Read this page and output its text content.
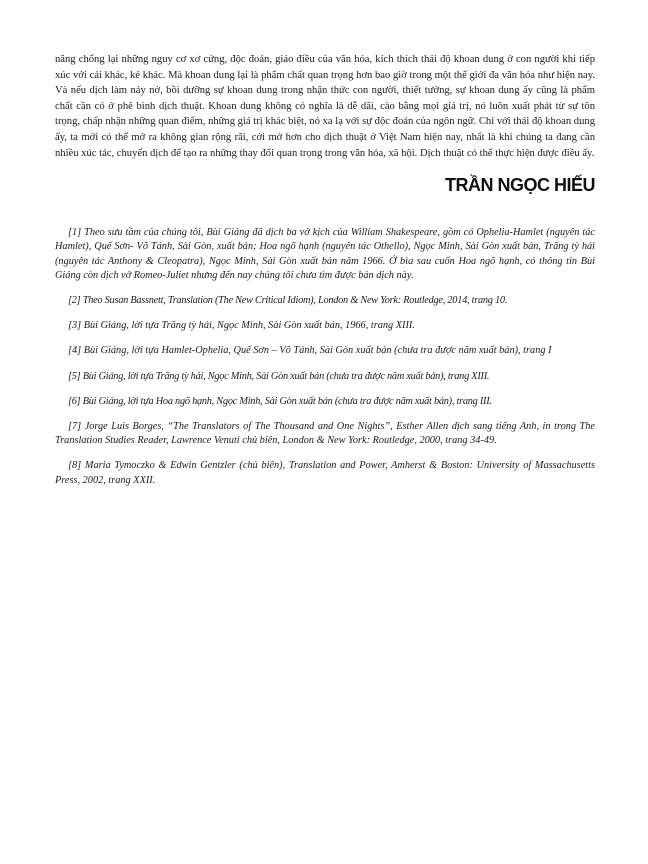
năng chống lại những nguy cơ xơ cứng, độc đoán, giáo điều của văn hóa, kích thích thái độ khoan dung ở con người khi tiếp xúc với cái khác, kẻ khác. Mà khoan dung lại là phẩm chất quan trọng hơn bao giờ trong một thế giới đa văn hóa như hiện nay. Và nếu dịch làm nảy nở, bồi dưỡng sự khoan dung trong nhận thức con người, thiết tưởng, sự khoan dung ấy cũng là phẩm chất cần có ở phê bình dịch thuật. Khoan dung không có nghĩa là dễ dãi, cào bằng mọi giá trị, nó luôn xuất phát từ sự tôn trọng, chấp nhận những quan điểm, những giá trị khác biệt, nó xa lạ với sự độc đoán của ngôn ngữ. Chỉ với thái độ khoan dung ấy, ta mới có thể mở ra không gian rộng rãi, cởi mở hơn cho dịch thuật ở Việt Nam hiện nay, nhất là khi chúng ta đang cần nhiều xúc tác, chuyển dịch để tạo ra những thay đổi quan trọng trong văn hóa, xã hội. Dịch thuật có thể thực hiện được điều ấy.

TRẦN NGỌC HIẾU

[1] Theo sưu tầm của chúng tôi, Bùi Giáng đã dịch ba vở kịch của William Shakespeare, gồm có Ophelia-Hamlet (nguyên tác Hamlet), Quế Sơn- Võ Tánh, Sài Gòn, xuất bản; Hoa ngõ hạnh (nguyên tác Othello), Ngọc Minh, Sài Gòn xuất bản, Trăng tỳ hải (nguyên tác Anthony & Cleopatra), Ngọc Minh, Sài Gòn xuất bản năm 1966. Ở bìa sau cuốn Hoa ngõ hạnh, có thông tin Bùi Giáng còn dịch vở Romeo-Juliet nhưng đến nay chúng tôi chưa tìm được bản dịch này.

[2] Theo Susan Bassnett, Translation (The New Critical Idiom), London & New York: Routledge, 2014, trang 10.

[3] Bùi Giáng, lời tựa Trăng tỳ hải, Ngọc Minh, Sài Gòn xuất bản, 1966, trang XIII.

[4] Bùi Giáng, lời tựa Hamlet-Ophelia, Quế Sơn – Võ Tánh, Sài Gòn xuất bản (chưa tra được năm xuất bản), trang I

[5] Bùi Giáng, lời tựa Trăng tỳ hải, Ngọc Minh, Sài Gòn xuất bản (chưa tra được năm xuất bản), trang XIII.

[6] Bùi Giáng, lời tựa Hoa ngõ hạnh, Ngọc Minh, Sài Gòn xuất bản (chưa tra được năm xuất bản), trang III.

[7] Jorge Luis Borges, “The Translators of The Thousand and One Nights”, Esther Allen dịch sang tiếng Anh, in trong The Translation Studies Reader, Lawrence Venuti chủ biên, London & New York: Routledge, 2000, trang 34-49.

[8] Maria Tymoczko & Edwin Gentzler (chủ biên), Translation and Power, Amherst & Boston: University of Massachusetts Press, 2002, trang XXII.
